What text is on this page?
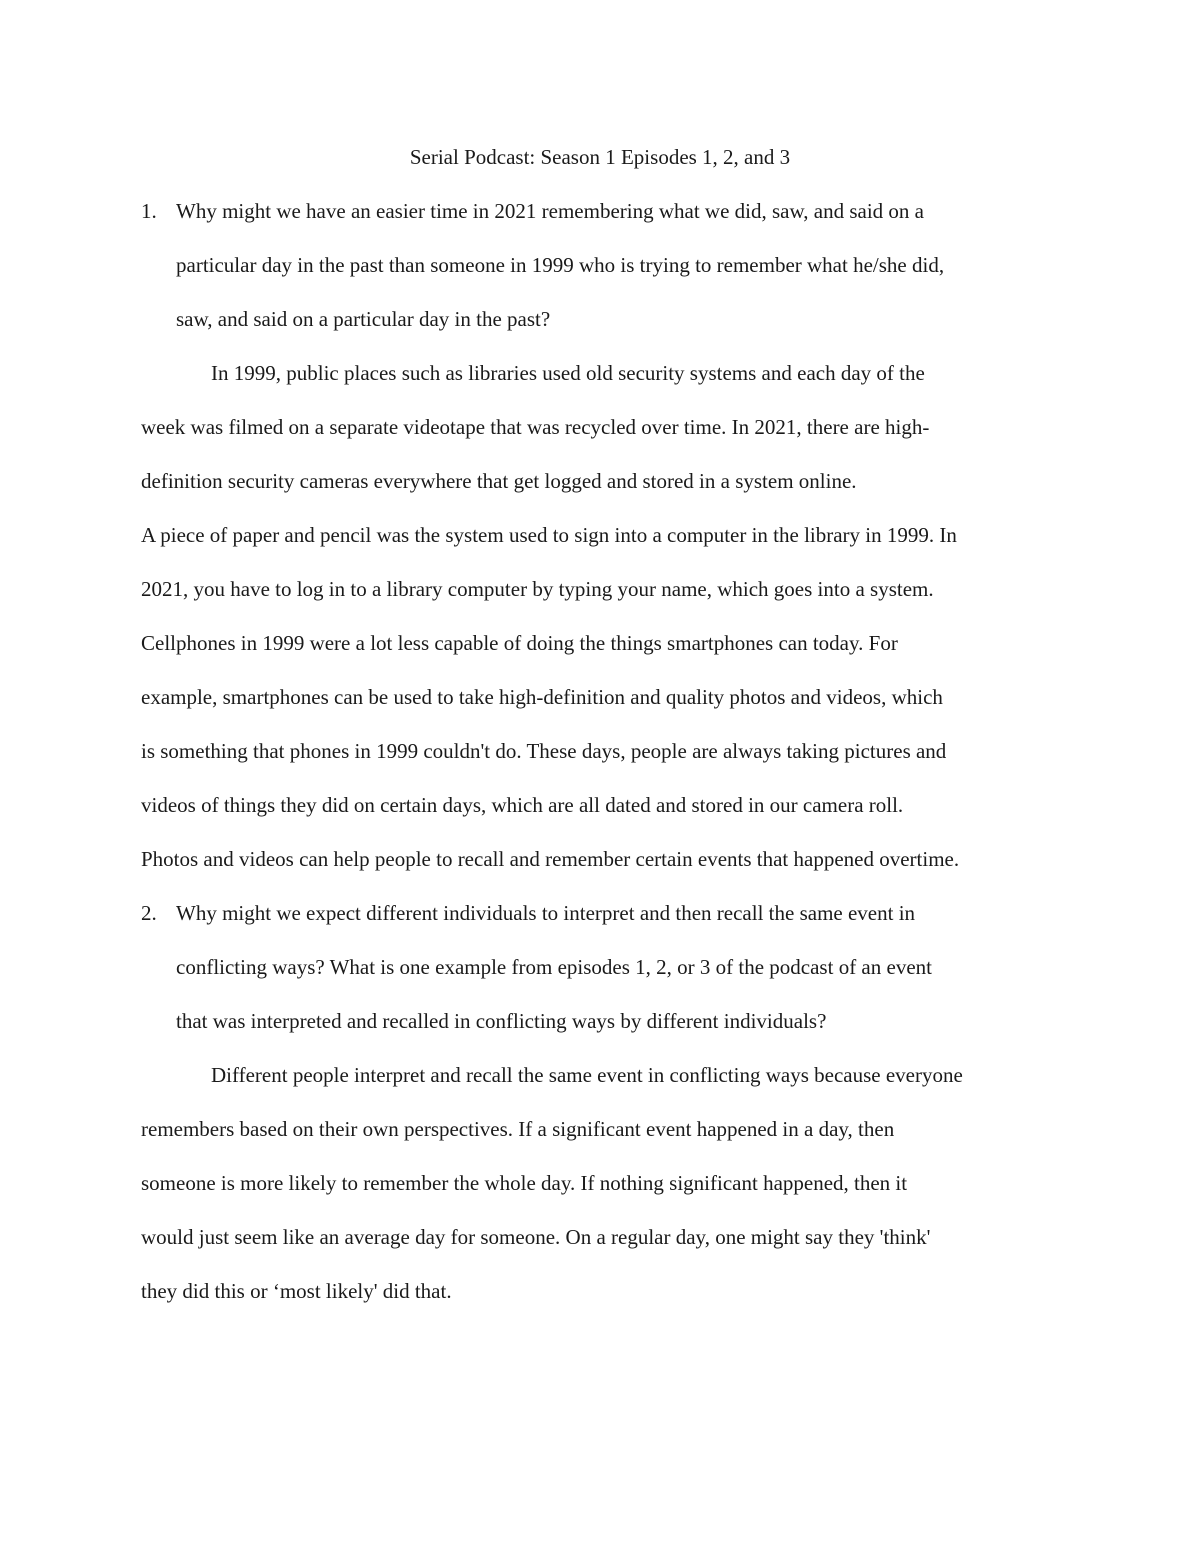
Serial Podcast: Season 1 Episodes 1, 2, and 3
1. Why might we have an easier time in 2021 remembering what we did, saw, and said on a
particular day in the past than someone in 1999 who is trying to remember what he/she did,
saw, and said on a particular day in the past?
In 1999, public places such as libraries used old security systems and each day of the
week was filmed on a separate videotape that was recycled over time. In 2021, there are high-
definition security cameras everywhere that get logged and stored in a system online.
A piece of paper and pencil was the system used to sign into a computer in the library in 1999. In
2021, you have to log in to a library computer by typing your name, which goes into a system.
Cellphones in 1999 were a lot less capable of doing the things smartphones can today. For
example, smartphones can be used to take high-definition and quality photos and videos, which
is something that phones in 1999 couldn't do. These days, people are always taking pictures and
videos of things they did on certain days, which are all dated and stored in our camera roll.
Photos and videos can help people to recall and remember certain events that happened overtime.
2. Why might we expect different individuals to interpret and then recall the same event in
conflicting ways? What is one example from episodes 1, 2, or 3 of the podcast of an event
that was interpreted and recalled in conflicting ways by different individuals?
Different people interpret and recall the same event in conflicting ways because everyone
remembers based on their own perspectives. If a significant event happened in a day, then
someone is more likely to remember the whole day. If nothing significant happened, then it
would just seem like an average day for someone. On a regular day, one might say they 'think'
they did this or ‘most likely' did that.
